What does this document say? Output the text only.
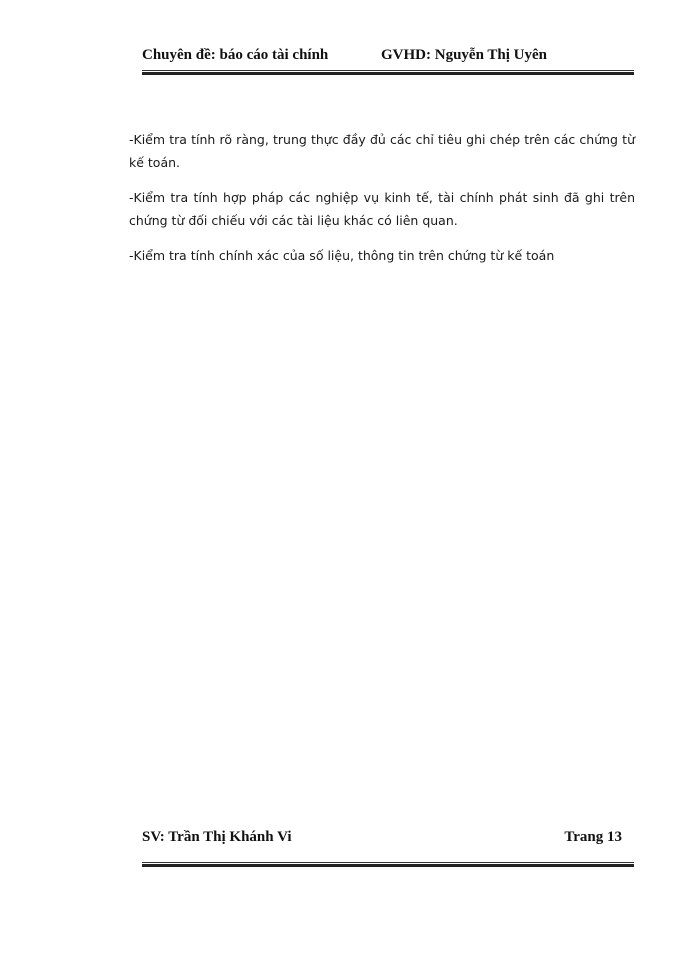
Chuyên đề: báo cáo tài chính	GVHD: Nguyễn Thị Uyên

-Kiểm tra tính rõ ràng, trung thực đầy đủ các chỉ tiêu ghi chép trên các chứng từ kế toán.

-Kiểm tra tính hợp pháp các nghiệp vụ kinh tế, tài chính phát sinh đã ghi trên chứng từ đối chiếu với các tài liệu khác có liên quan.

-Kiểm tra tính chính xác của số liệu, thông tin trên chứng từ kế toán

SV: Trần Thị Khánh Vi	Trang 13
